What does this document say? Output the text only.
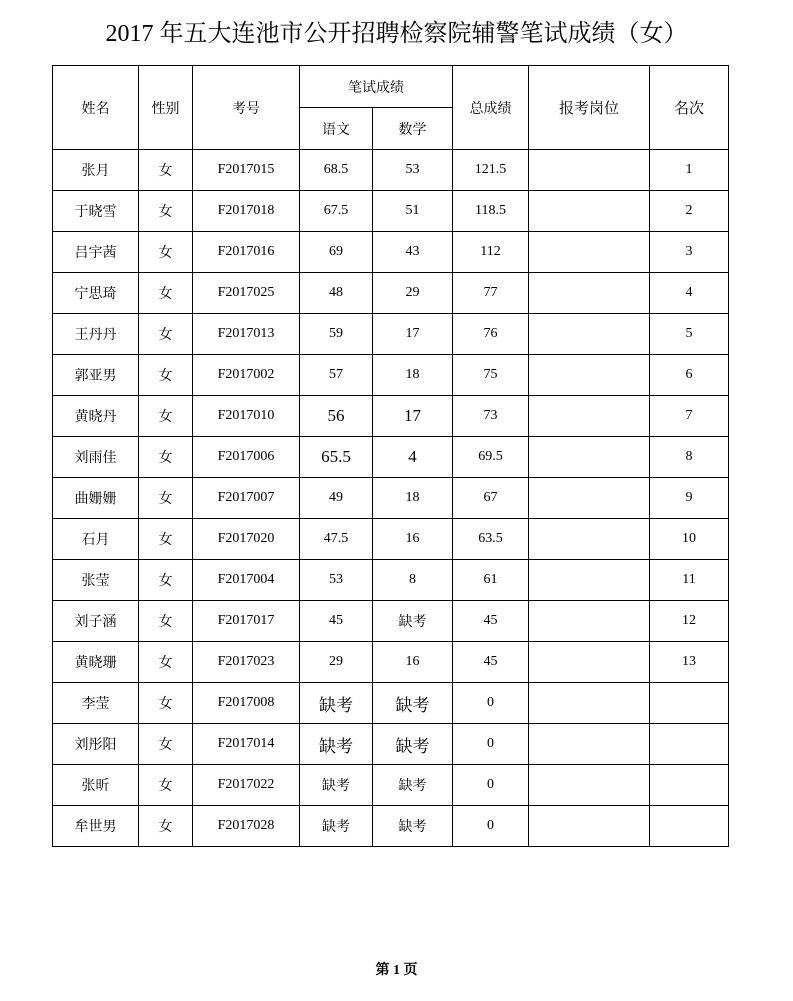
2017 年五大连池市公开招聘检察院辅警笔试成绩（女）
姓名	性别	考号	笔试成绩		总成绩	报考岗位	名次
			语文	数学			
张月	女	F2017015	68.5	53	121.5		1
于晓雪	女	F2017018	67.5	51	118.5		2
吕宇茜	女	F2017016	69	43	112		3
宁思琦	女	F2017025	48	29	77		4
王丹丹	女	F2017013	59	17	76		5
郭亚男	女	F2017002	57	18	75		6
黄晓丹	女	F2017010	56	17	73		7
刘雨佳	女	F2017006	65.5	4	69.5		8
曲姗姗	女	F2017007	49	18	67		9
石月	女	F2017020	47.5	16	63.5		10
张莹	女	F2017004	53	8	61		11
刘子涵	女	F2017017	45	缺考	45		12
黄晓珊	女	F2017023	29	16	45		13
李莹	女	F2017008	缺考	缺考	0		
刘彤阳	女	F2017014	缺考	缺考	0		
张昕	女	F2017022	缺考	缺考	0		
牟世男	女	F2017028	缺考	缺考	0		
第 1 页
